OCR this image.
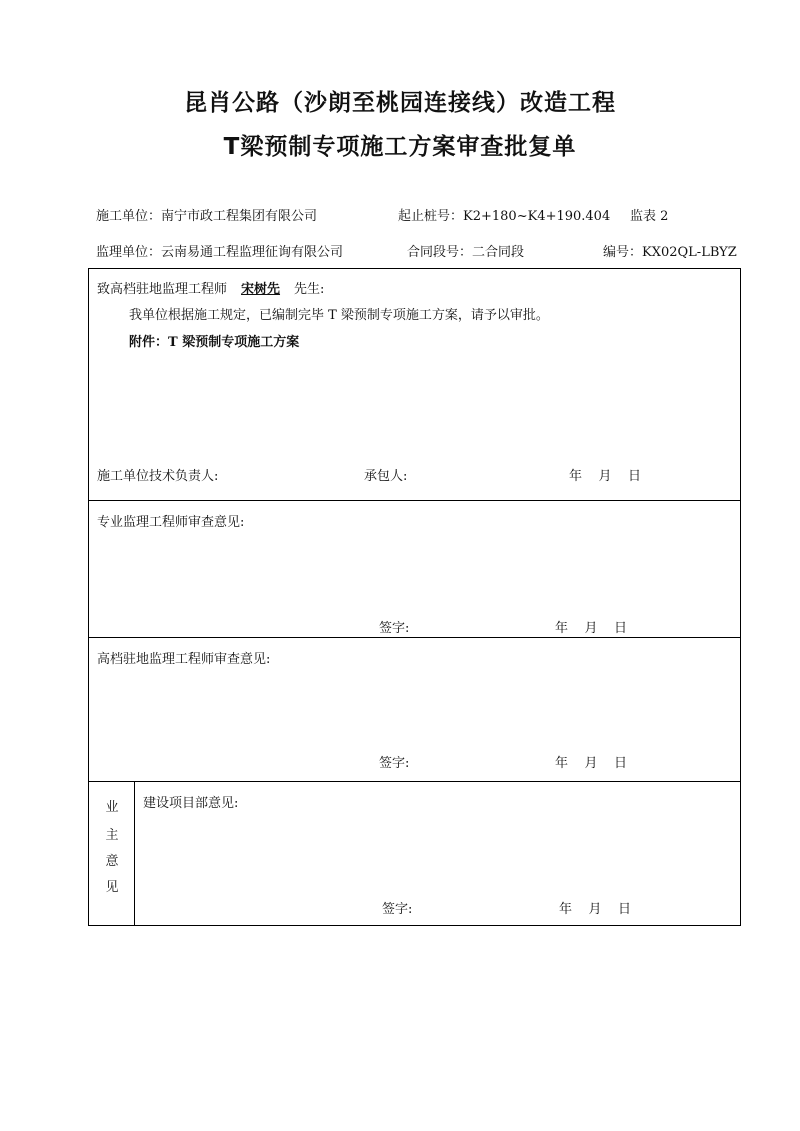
昆肖公路（沙朗至桃园连接线）改造工程
T梁预制专项施工方案审查批复单
施工单位：南宁市政工程集团有限公司	起止桩号：K2+180~K4+190.404 监表 2
监理单位：云南易通工程监理征询有限公司	合同段号：二合同段	编号：KX02QL-LBYZ
致高档驻地监理工程师 宋树先 先生:
我单位根据施工规定，已编制完毕 T 梁预制专项施工方案，请予以审批。
附件：T 梁预制专项施工方案
施工单位技术负责人:	承包人:	年    月    日
专业监理工程师审查意见:
签字:	年    月    日
高档驻地监理工程师审查意见:
签字:	年    月    日
业
主
意
见
建设项目部意见:
签字:	年    月    日
